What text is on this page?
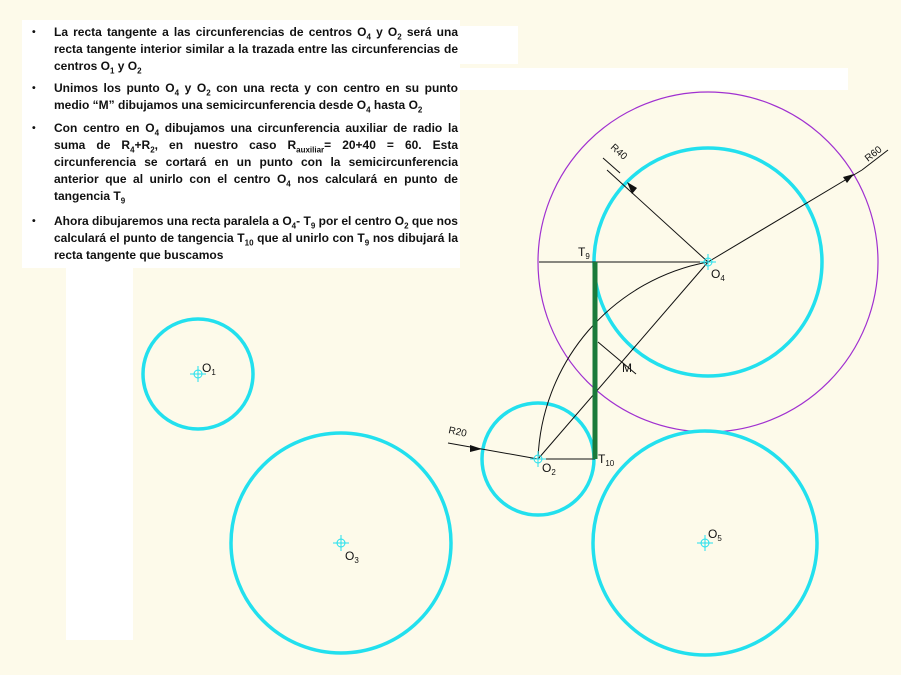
• La recta tangente a las circunferencias de centros $O_4$ y $O_2$ será una recta tangente interior similar a la trazada entre las circunferencias de centros $O_1$ y $O_2$
• Unimos los punto $O_4$ y $O_2$ con una recta y con centro en su punto medio “M” dibujamos una semicircunferencia desde $O_4$ hasta $O_2$
• Con centro en $O_4$ dibujamos una circunferencia auxiliar de radio la suma de $R_4+R_2$, en nuestro caso $R_{auxiliar}= 20+40 = 60$. Esta circunferencia se cortará en un punto con la semicircunferencia anterior que al unirlo con el centro $O_4$ nos calculará en punto de tangencia $T_9$
• Ahora dibujaremos una recta paralela a $O_4-$ $T_9$ por el centro $O_2$ que nos calculará el punto de tangencia $T_{10}$ que al unirlo con $T_9$ nos dibujará la recta tangente que buscamos
R40	R60
R20
$O_1$
$O_2$
$O_3$
$O_4$
$O_5$
$T_9$
$T_{10}$
M
